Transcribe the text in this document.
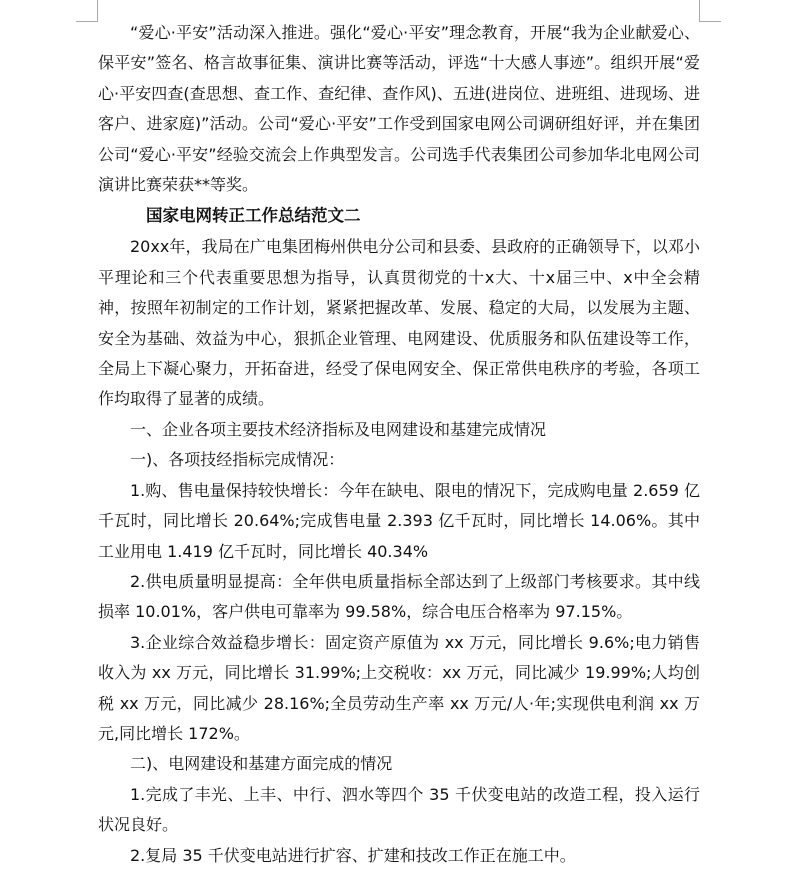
“爱心·平安”活动深入推进。强化“爱心·平安”理念教育，开展“我为企业献爱心、保平安”签名、格言故事征集、演讲比赛等活动，评选“十大感人事迹”。组织开展“爱心·平安四查(查思想、查工作、查纪律、查作风)、五进(进岗位、进班组、进现场、进客户、进家庭)”活动。公司“爱心·平安”工作受到国家电网公司调研组好评，并在集团公司“爱心·平安”经验交流会上作典型发言。公司选手代表集团公司参加华北电网公司演讲比赛荣获**等奖。

国家电网转正工作总结范文二

20xx年，我局在广电集团梅州供电分公司和县委、县政府的正确领导下，以邓小平理论和三个代表重要思想为指导，认真贯彻党的十x大、十x届三中、x中全会精神，按照年初制定的工作计划，紧紧把握改革、发展、稳定的大局，以发展为主题、安全为基础、效益为中心，狠抓企业管理、电网建设、优质服务和队伍建设等工作，全局上下凝心聚力，开拓奋进，经受了保电网安全、保正常供电秩序的考验，各项工作均取得了显著的成绩。

一、企业各项主要技术经济指标及电网建设和基建完成情况

一)、各项技经指标完成情况：

1.购、售电量保持较快增长：今年在缺电、限电的情况下，完成购电量 2.659 亿千瓦时，同比增长 20.64%;完成售电量 2.393 亿千瓦时，同比增长 14.06%。其中工业用电 1.419 亿千瓦时，同比增长 40.34%

2.供电质量明显提高：全年供电质量指标全部达到了上级部门考核要求。其中线损率 10.01%，客户供电可靠率为 99.58%，综合电压合格率为 97.15%。

3.企业综合效益稳步增长：固定资产原值为 xx 万元，同比增长 9.6%;电力销售收入为 xx 万元，同比增长 31.99%;上交税收：xx 万元，同比减少 19.99%;人均创税 xx 万元，同比减少 28.16%;全员劳动生产率 xx 万元/人·年;实现供电利润 xx 万元,同比增长 172%。

二)、电网建设和基建方面完成的情况

1.完成了丰光、上丰、中行、泗水等四个 35 千伏变电站的改造工程，投入运行状况良好。

2.复局 35 千伏变电站进行扩容、扩建和技改工作正在施工中。
